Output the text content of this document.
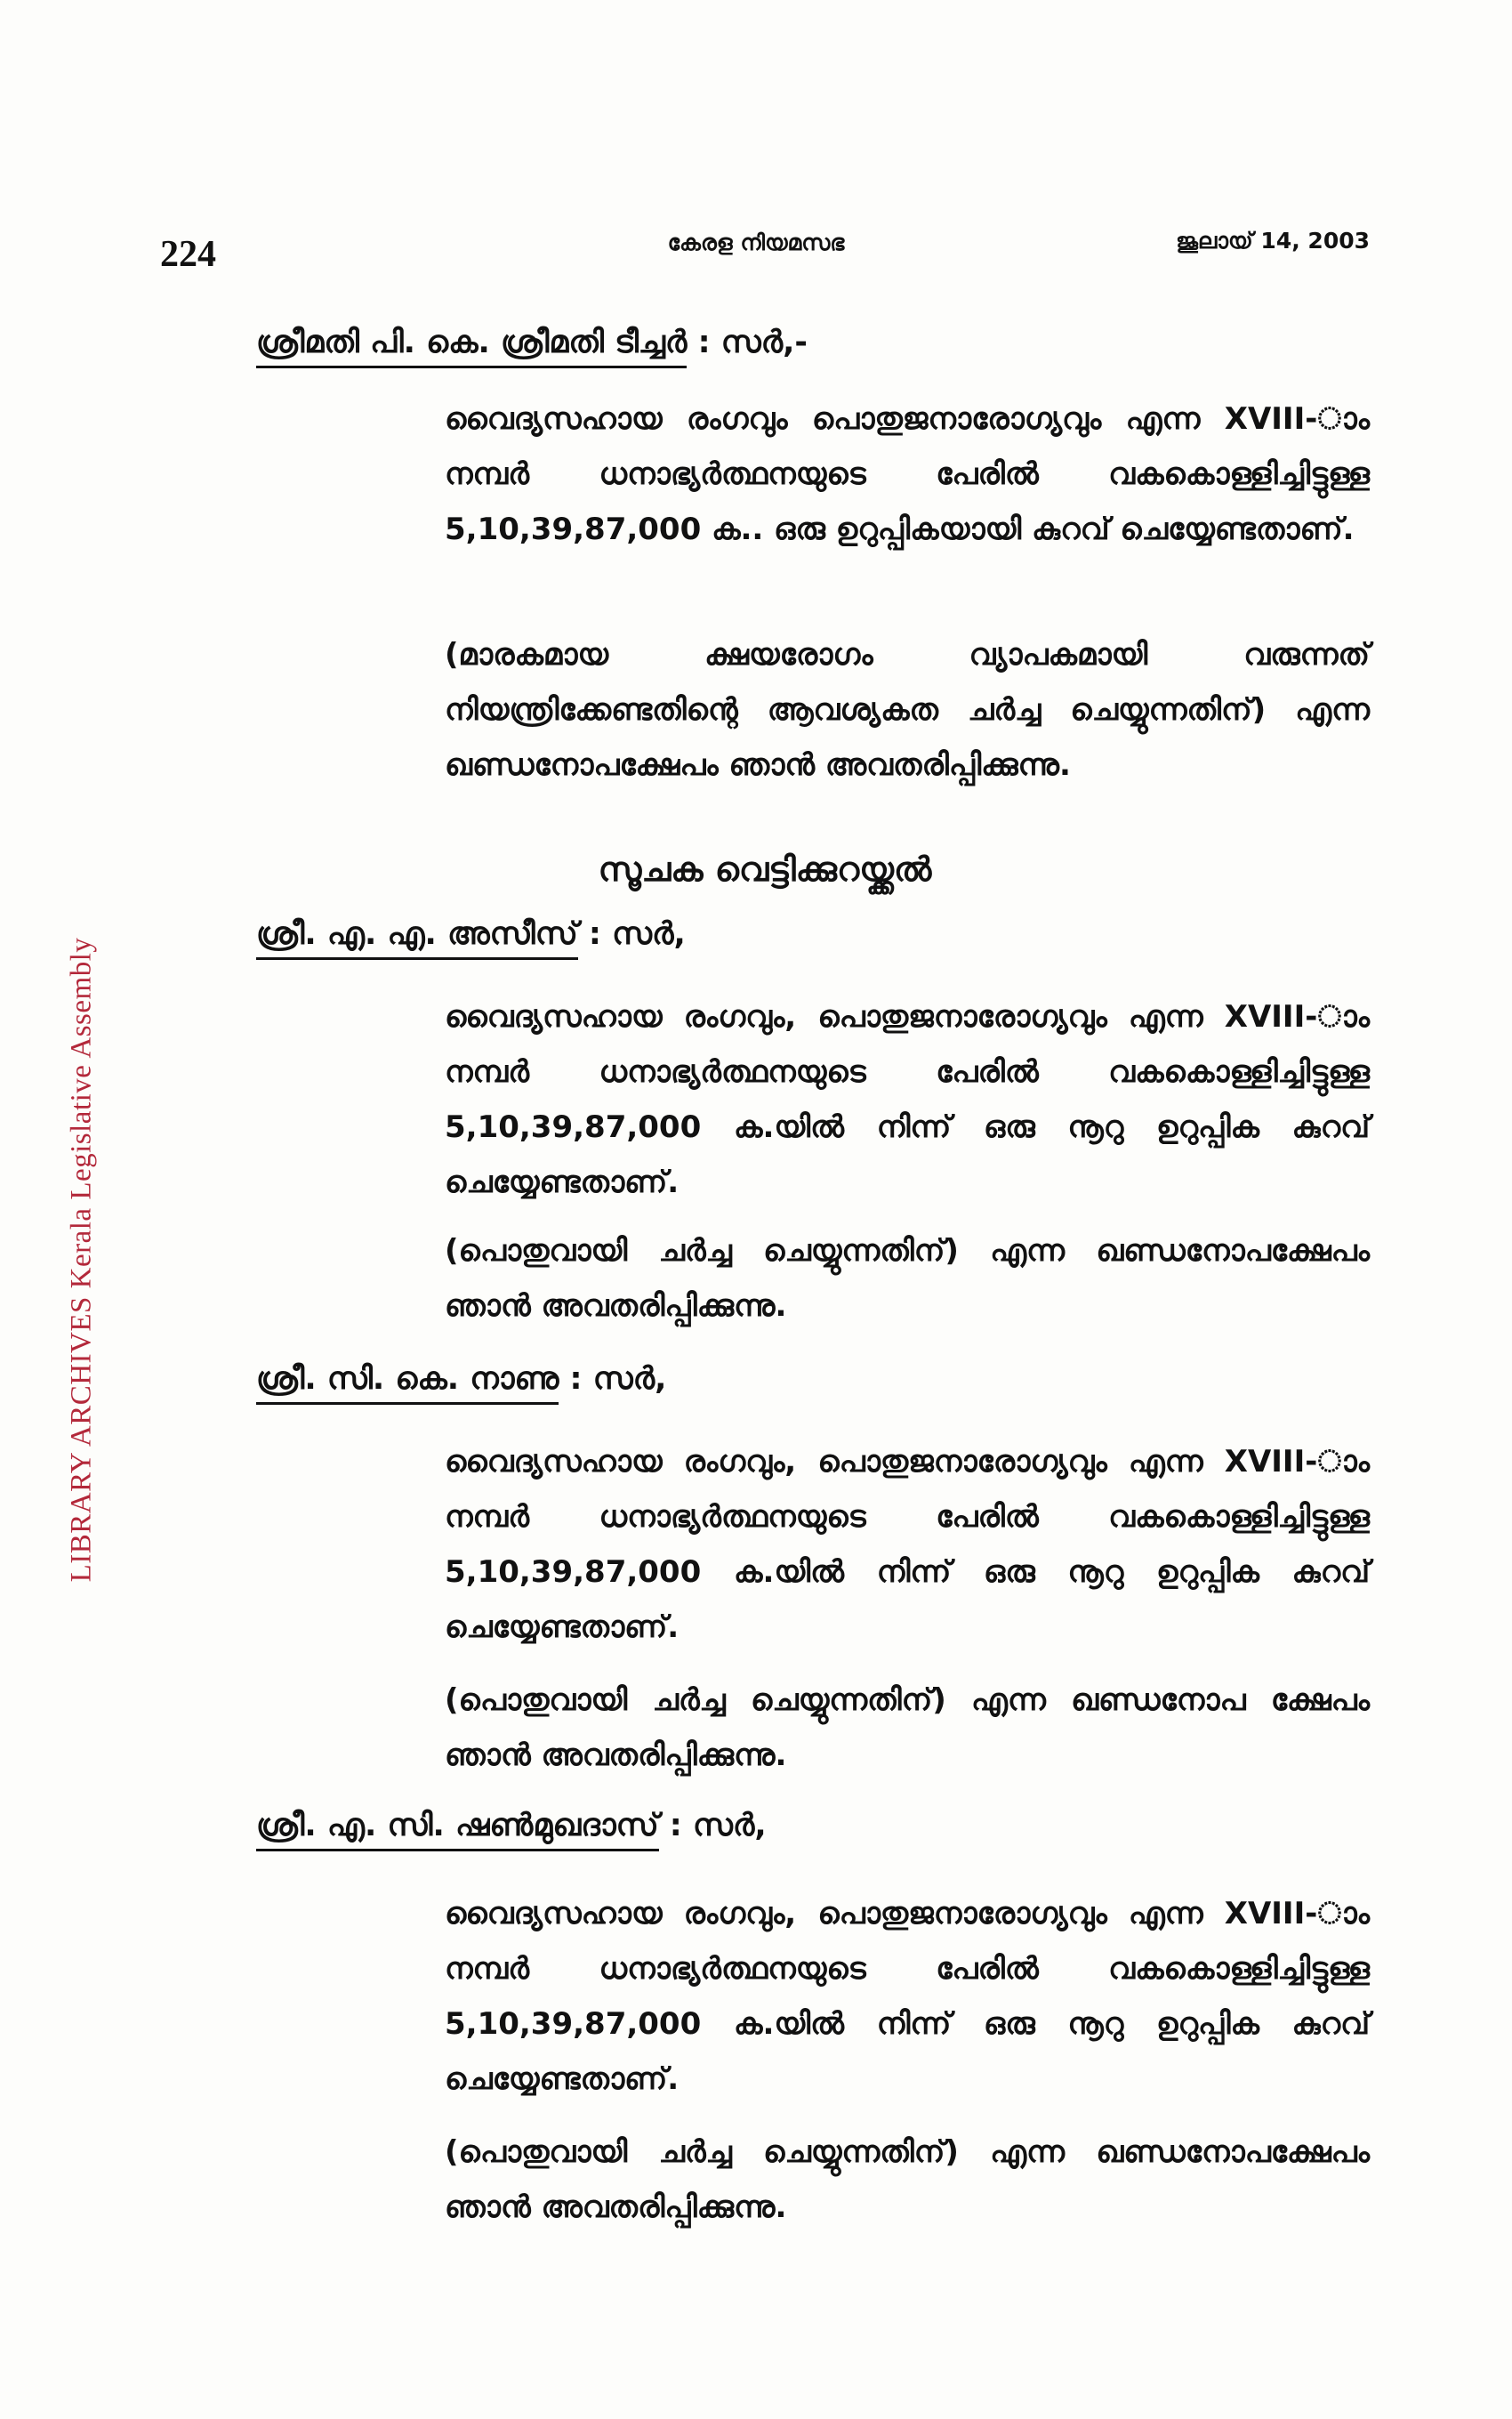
LIBRARY ARCHIVES Kerala Legislative Assembly
224	കേരള നിയമസഭ	ജൂലായ് 14, 2003
ശ്രീമതി പി. കെ. ശ്രീമതി ടീച്ചർ : സർ,-

വൈദ്യസഹായ രംഗവും പൊതുജനാരോഗ്യവും എന്ന XVIII-ാം നമ്പർ ധനാഭ്യർത്ഥനയുടെ പേരിൽ വകകൊള്ളിച്ചിട്ടുള്ള 5,10,39,87,000 ക.. ഒരു ഉറുപ്പികയായി കുറവ് ചെയ്യേണ്ടതാണ്.

(മാരകമായ ക്ഷയരോഗം വ്യാപകമായി വരുന്നത് നിയന്ത്രിക്കേണ്ടതിന്റെ ആവശ്യകത ചർച്ച ചെയ്യുന്നതിന്) എന്ന ഖണ്ഡനോപക്ഷേപം ഞാൻ അവതരിപ്പിക്കുന്നു.

സൂചക വെട്ടിക്കുറയ്ക്കൽ
ശ്രീ. എ. എ. അസീസ് : സർ,

വൈദ്യസഹായ രംഗവും, പൊതുജനാരോഗ്യവും എന്ന XVIII-ാം നമ്പർ ധനാഭ്യർത്ഥനയുടെ പേരിൽ വകകൊള്ളിച്ചിട്ടുള്ള 5,10,39,87,000 ക.യിൽ നിന്ന് ഒരു നൂറു ഉറുപ്പിക കുറവ് ചെയ്യേണ്ടതാണ്.

(പൊതുവായി ചർച്ച ചെയ്യുന്നതിന്) എന്ന ഖണ്ഡനോപക്ഷേപം ഞാൻ അവതരിപ്പിക്കുന്നു.

ശ്രീ. സി. കെ. നാണു : സർ,

വൈദ്യസഹായ രംഗവും, പൊതുജനാരോഗ്യവും എന്ന XVIII-ാം നമ്പർ ധനാഭ്യർത്ഥനയുടെ പേരിൽ വകകൊള്ളിച്ചിട്ടുള്ള 5,10,39,87,000 ക.യിൽ നിന്ന് ഒരു നൂറു ഉറുപ്പിക കുറവ് ചെയ്യേണ്ടതാണ്.

(പൊതുവായി ചർച്ച ചെയ്യുന്നതിന്) എന്ന ഖണ്ഡനോപ ക്ഷേപം ഞാൻ അവതരിപ്പിക്കുന്നു.

ശ്രീ. എ. സി. ഷൺമുഖദാസ് : സർ,

വൈദ്യസഹായ രംഗവും, പൊതുജനാരോഗ്യവും എന്ന XVIII-ാം നമ്പർ ധനാഭ്യർത്ഥനയുടെ പേരിൽ വകകൊള്ളിച്ചിട്ടുള്ള 5,10,39,87,000 ക.യിൽ നിന്ന് ഒരു നൂറു ഉറുപ്പിക കുറവ് ചെയ്യേണ്ടതാണ്.

(പൊതുവായി ചർച്ച ചെയ്യുന്നതിന്) എന്ന ഖണ്ഡനോപക്ഷേപം ഞാൻ അവതരിപ്പിക്കുന്നു.
